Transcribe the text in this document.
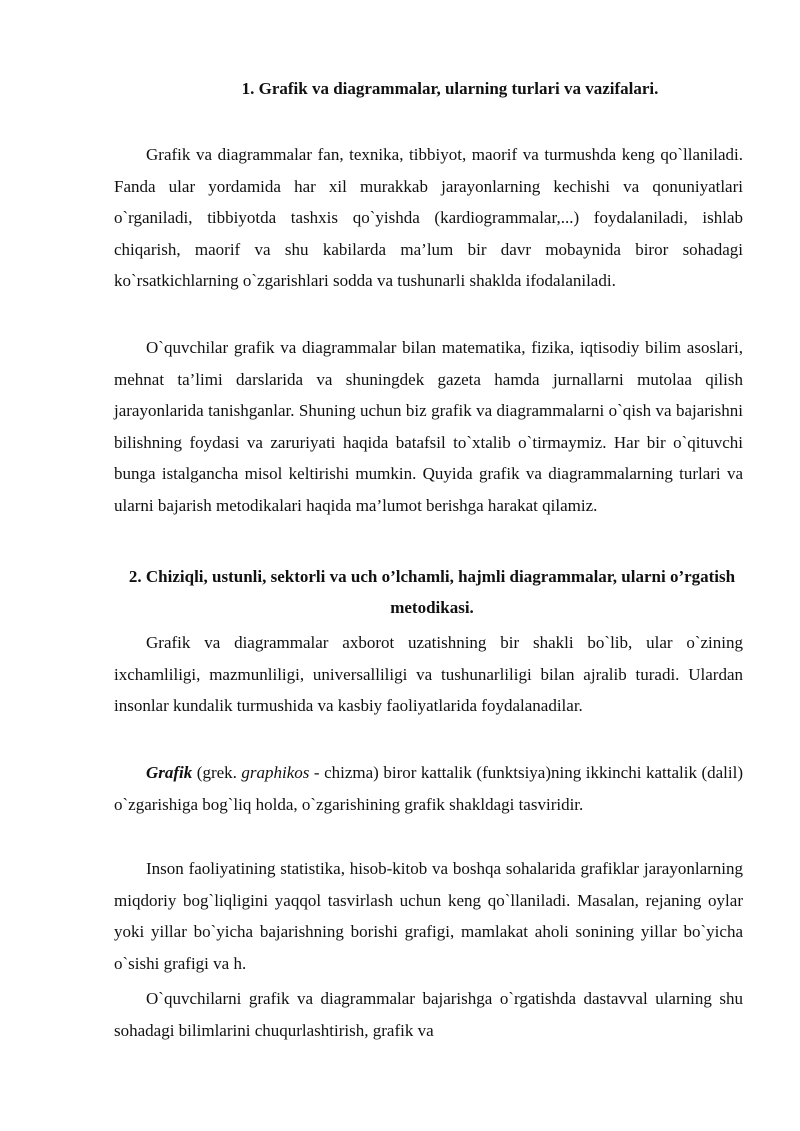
1. Grafik va diagrammalar, ularning turlari va vazifalari.

Grafik va diagrammalar fan, texnika, tibbiyot, maorif va turmushda keng qo`llaniladi. Fanda ular yordamida har xil murakkab jarayonlarning kechishi va qonuniyatlari o`rganiladi, tibbiyotda tashxis qo`yishda (kardiogrammalar,...) foydalaniladi, ishlab chiqarish, maorif va shu kabilarda ma’lum bir davr mobaynida biror sohadagi ko`rsatkichlarning o`zgarishlari sodda va tushunarli shaklda ifodalaniladi.

O`quvchilar grafik va diagrammalar bilan matematika, fizika, iqtisodiy bilim asoslari, mehnat ta’limi darslarida va shuningdek gazeta hamda jurnallarni mutolaa qilish jarayonlarida tanishganlar. Shuning uchun biz grafik va diagrammalarni o`qish va bajarishni bilishning foydasi va zaruriyati haqida batafsil to`xtalib o`tirmaymiz. Har bir o`qituvchi bunga istalgancha misol keltirishi mumkin. Quyida grafik va diagrammalarning turlari va ularni bajarish metodikalari haqida ma’lumot berishga harakat qilamiz.

2. Chiziqli, ustunli, sektorli va uch o’lchamli, hajmli diagrammalar, ularni o’rgatish metodikasi.

Grafik va diagrammalar axborot uzatishning bir shakli bo`lib, ular o`zining ixchamliligi, mazmunliligi, universalliligi va tushunarliligi bilan ajralib turadi. Ulardan insonlar kundalik turmushida va kasbiy faoliyatlarida foydalanadilar.

Grafik (grek. graphikos - chizma) biror kattalik (funktsiya)ning ikkinchi kattalik (dalil) o`zgarishiga bog`liq holda, o`zgarishining grafik shakldagi tasviridir.

Inson faoliyatining statistika, hisob-kitob va boshqa sohalarida grafiklar jarayonlarning miqdoriy bog`liqligini yaqqol tasvirlash uchun keng qo`llaniladi. Masalan, rejaning oylar yoki yillar bo`yicha bajarishning borishi grafigi, mamlakat aholi sonining yillar bo`yicha o`sishi grafigi va h.

O`quvchilarni grafik va diagrammalar bajarishga o`rgatishda dastavval ularning shu sohadagi bilimlarini chuqurlashtirish, grafik va
